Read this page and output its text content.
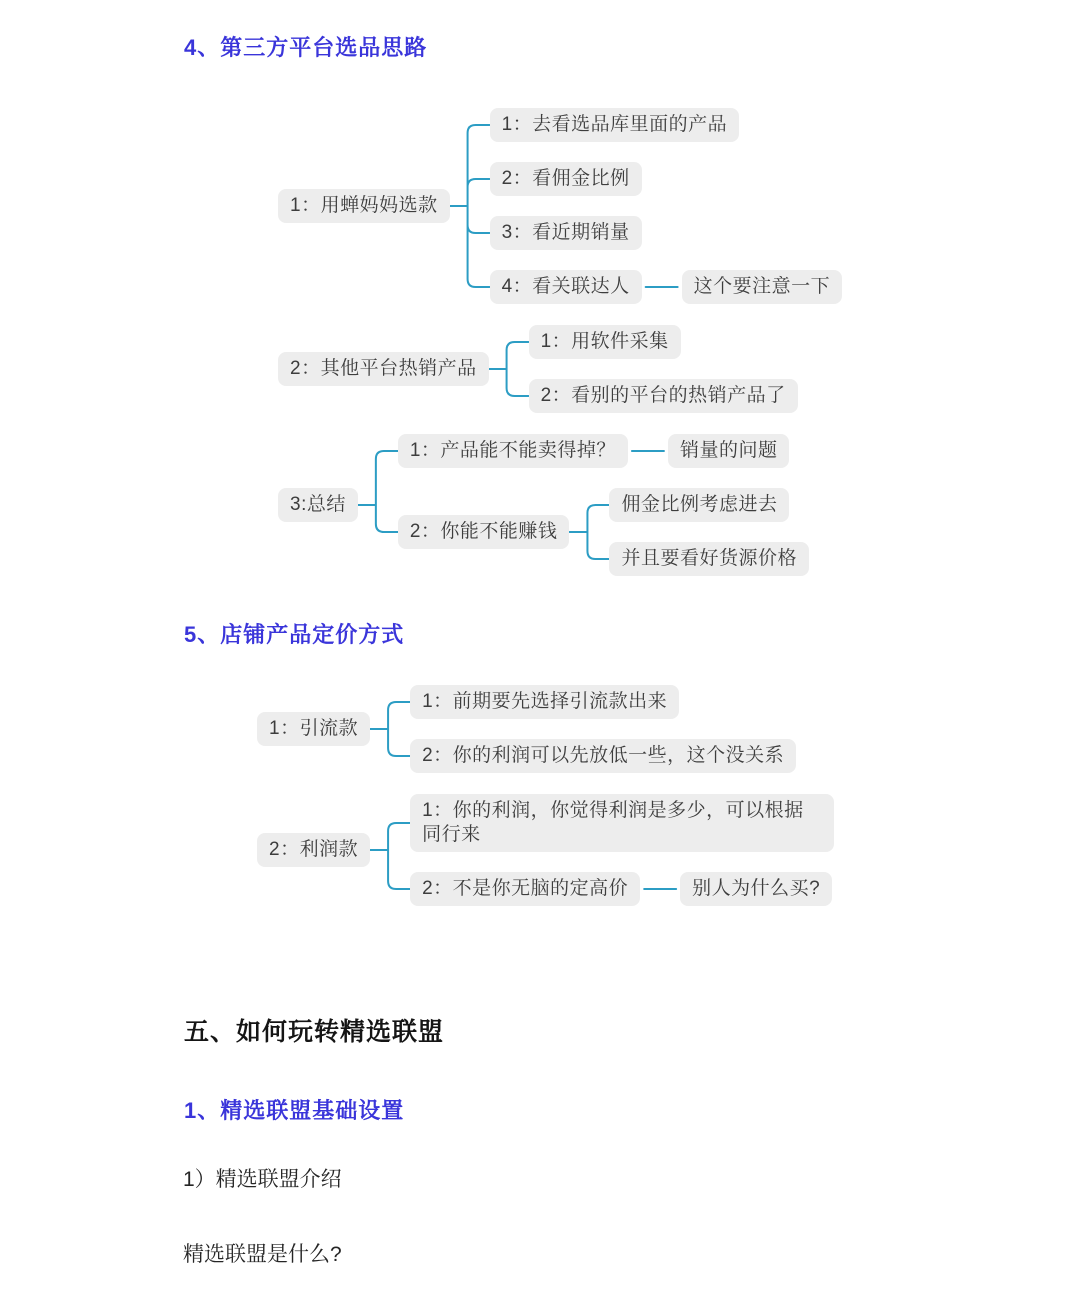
4、第三方平台选品思路
1：用蝉妈妈选款
1：去看选品库里面的产品
2：看佣金比例
3：看近期销量
4：看关联达人	这个要注意一下
2：其他平台热销产品
1：用软件采集
2：看别的平台的热销产品了
3:总结
1：产品能不能卖得掉？	销量的问题
2：你能不能赚钱
佣金比例考虑进去
并且要看好货源价格
5、店铺产品定价方式
1：引流款
1：前期要先选择引流款出来
2：你的利润可以先放低一些，这个没关系
2：利润款
1：你的利润，你觉得利润是多少，可以根据同行来
2：不是你无脑的定高价	别人为什么买?
五、如何玩转精选联盟
1、精选联盟基础设置
1）精选联盟介绍
精选联盟是什么?
